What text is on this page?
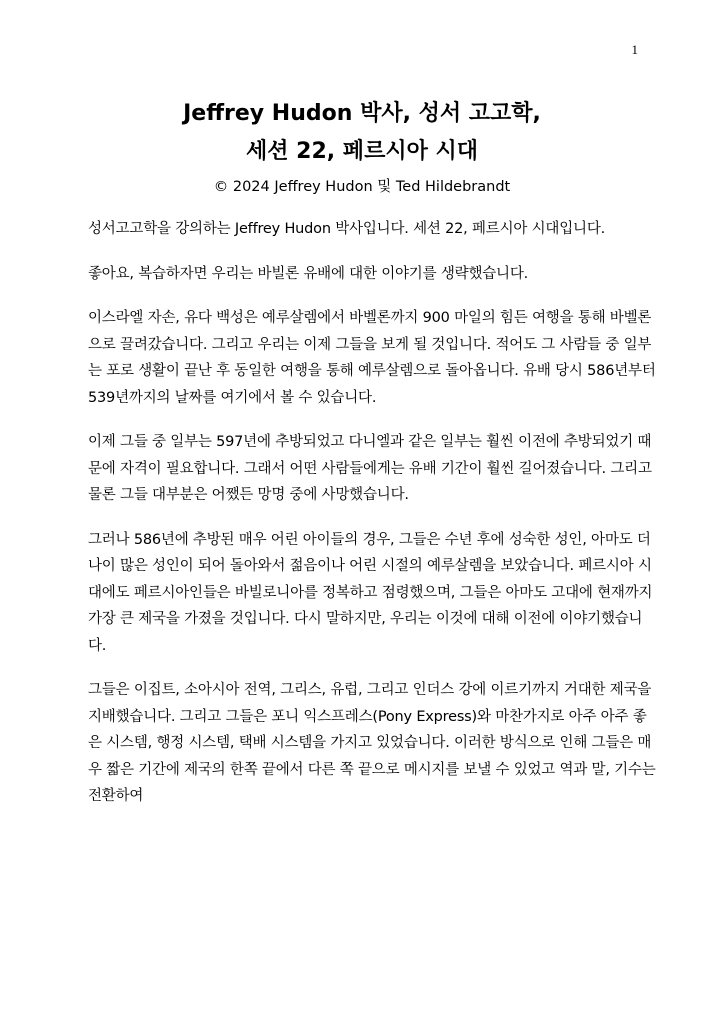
1
Jeffrey Hudon 박사, 성서 고고학,
세션 22, 페르시아 시대
© 2024 Jeffrey Hudon 및 Ted Hildebrandt

성서고고학을 강의하는 Jeffrey Hudon 박사입니다. 세션 22, 페르시아 시대입니다.

좋아요, 복습하자면 우리는 바빌론 유배에 대한 이야기를 생략했습니다.

이스라엘 자손, 유다 백성은 예루살렘에서 바벨론까지 900 마일의 힘든 여행을 통해 바벨론으로 끌려갔습니다. 그리고 우리는 이제 그들을 보게 될 것입니다. 적어도 그 사람들 중 일부는 포로 생활이 끝난 후 동일한 여행을 통해 예루살렘으로 돌아옵니다. 유배 당시 586년부터 539년까지의 날짜를 여기에서 볼 수 있습니다.

이제 그들 중 일부는 597년에 추방되었고 다니엘과 같은 일부는 훨씬 이전에 추방되었기 때문에 자격이 필요합니다. 그래서 어떤 사람들에게는 유배 기간이 훨씬 길어졌습니다. 그리고 물론 그들 대부분은 어쨌든 망명 중에 사망했습니다.

그러나 586년에 추방된 매우 어린 아이들의 경우, 그들은 수년 후에 성숙한 성인, 아마도 더 나이 많은 성인이 되어 돌아와서 젊음이나 어린 시절의 예루살렘을 보았습니다. 페르시아 시대에도 페르시아인들은 바빌로니아를 정복하고 점령했으며, 그들은 아마도 고대에 현재까지 가장 큰 제국을 가졌을 것입니다. 다시 말하지만, 우리는 이것에 대해 이전에 이야기했습니다.

그들은 이집트, 소아시아 전역, 그리스, 유럽, 그리고 인더스 강에 이르기까지 거대한 제국을 지배했습니다. 그리고 그들은 포니 익스프레스(Pony Express)와 마찬가지로 아주 아주 좋은 시스템, 행정 시스템, 택배 시스템을 가지고 있었습니다. 이러한 방식으로 인해 그들은 매우 짧은 기간에 제국의 한쪽 끝에서 다른 쪽 끝으로 메시지를 보낼 수 있었고 역과 말, 기수는 전환하여
